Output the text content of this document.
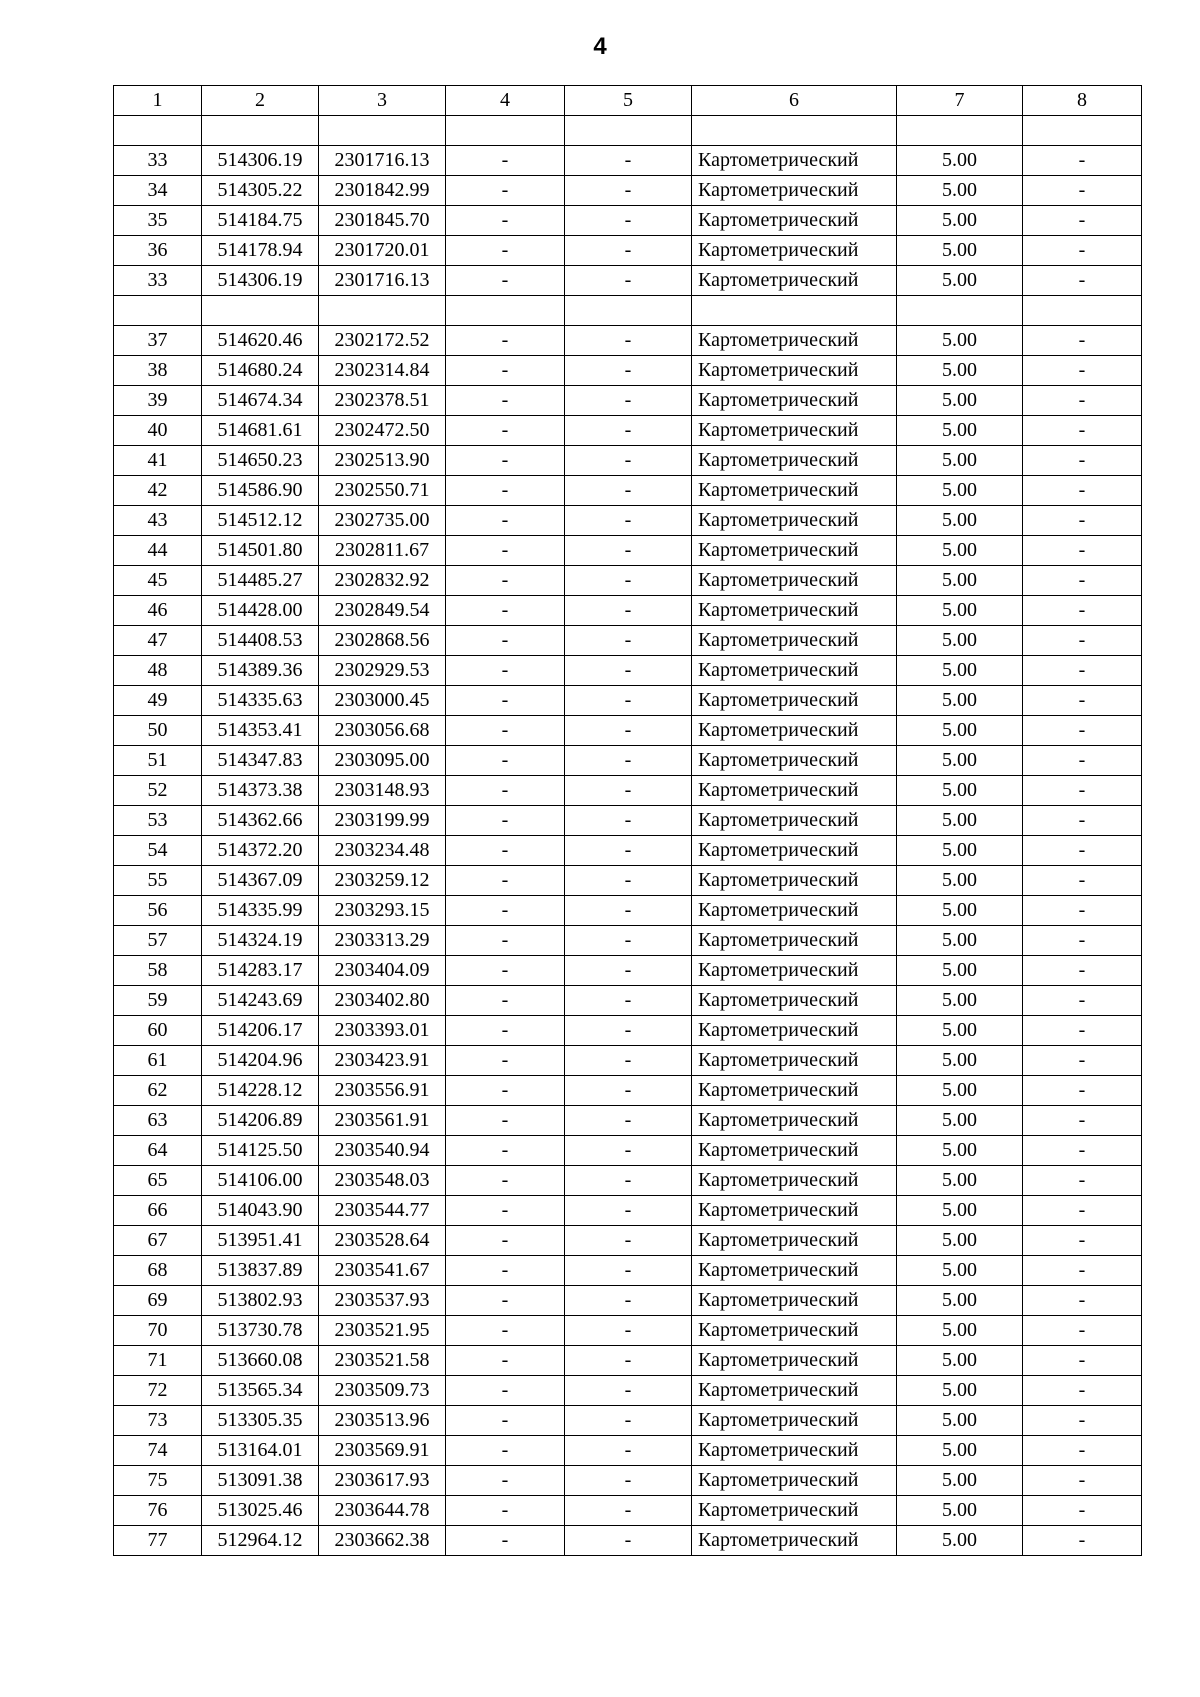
4
1	2	3	4	5	6	7	8

33	514306.19	2301716.13	-	-	Картометрический	5.00	-
34	514305.22	2301842.99	-	-	Картометрический	5.00	-
35	514184.75	2301845.70	-	-	Картометрический	5.00	-
36	514178.94	2301720.01	-	-	Картометрический	5.00	-
33	514306.19	2301716.13	-	-	Картометрический	5.00	-

37	514620.46	2302172.52	-	-	Картометрический	5.00	-
38	514680.24	2302314.84	-	-	Картометрический	5.00	-
39	514674.34	2302378.51	-	-	Картометрический	5.00	-
40	514681.61	2302472.50	-	-	Картометрический	5.00	-
41	514650.23	2302513.90	-	-	Картометрический	5.00	-
42	514586.90	2302550.71	-	-	Картометрический	5.00	-
43	514512.12	2302735.00	-	-	Картометрический	5.00	-
44	514501.80	2302811.67	-	-	Картометрический	5.00	-
45	514485.27	2302832.92	-	-	Картометрический	5.00	-
46	514428.00	2302849.54	-	-	Картометрический	5.00	-
47	514408.53	2302868.56	-	-	Картометрический	5.00	-
48	514389.36	2302929.53	-	-	Картометрический	5.00	-
49	514335.63	2303000.45	-	-	Картометрический	5.00	-
50	514353.41	2303056.68	-	-	Картометрический	5.00	-
51	514347.83	2303095.00	-	-	Картометрический	5.00	-
52	514373.38	2303148.93	-	-	Картометрический	5.00	-
53	514362.66	2303199.99	-	-	Картометрический	5.00	-
54	514372.20	2303234.48	-	-	Картометрический	5.00	-
55	514367.09	2303259.12	-	-	Картометрический	5.00	-
56	514335.99	2303293.15	-	-	Картометрический	5.00	-
57	514324.19	2303313.29	-	-	Картометрический	5.00	-
58	514283.17	2303404.09	-	-	Картометрический	5.00	-
59	514243.69	2303402.80	-	-	Картометрический	5.00	-
60	514206.17	2303393.01	-	-	Картометрический	5.00	-
61	514204.96	2303423.91	-	-	Картометрический	5.00	-
62	514228.12	2303556.91	-	-	Картометрический	5.00	-
63	514206.89	2303561.91	-	-	Картометрический	5.00	-
64	514125.50	2303540.94	-	-	Картометрический	5.00	-
65	514106.00	2303548.03	-	-	Картометрический	5.00	-
66	514043.90	2303544.77	-	-	Картометрический	5.00	-
67	513951.41	2303528.64	-	-	Картометрический	5.00	-
68	513837.89	2303541.67	-	-	Картометрический	5.00	-
69	513802.93	2303537.93	-	-	Картометрический	5.00	-
70	513730.78	2303521.95	-	-	Картометрический	5.00	-
71	513660.08	2303521.58	-	-	Картометрический	5.00	-
72	513565.34	2303509.73	-	-	Картометрический	5.00	-
73	513305.35	2303513.96	-	-	Картометрический	5.00	-
74	513164.01	2303569.91	-	-	Картометрический	5.00	-
75	513091.38	2303617.93	-	-	Картометрический	5.00	-
76	513025.46	2303644.78	-	-	Картометрический	5.00	-
77	512964.12	2303662.38	-	-	Картометрический	5.00	-
